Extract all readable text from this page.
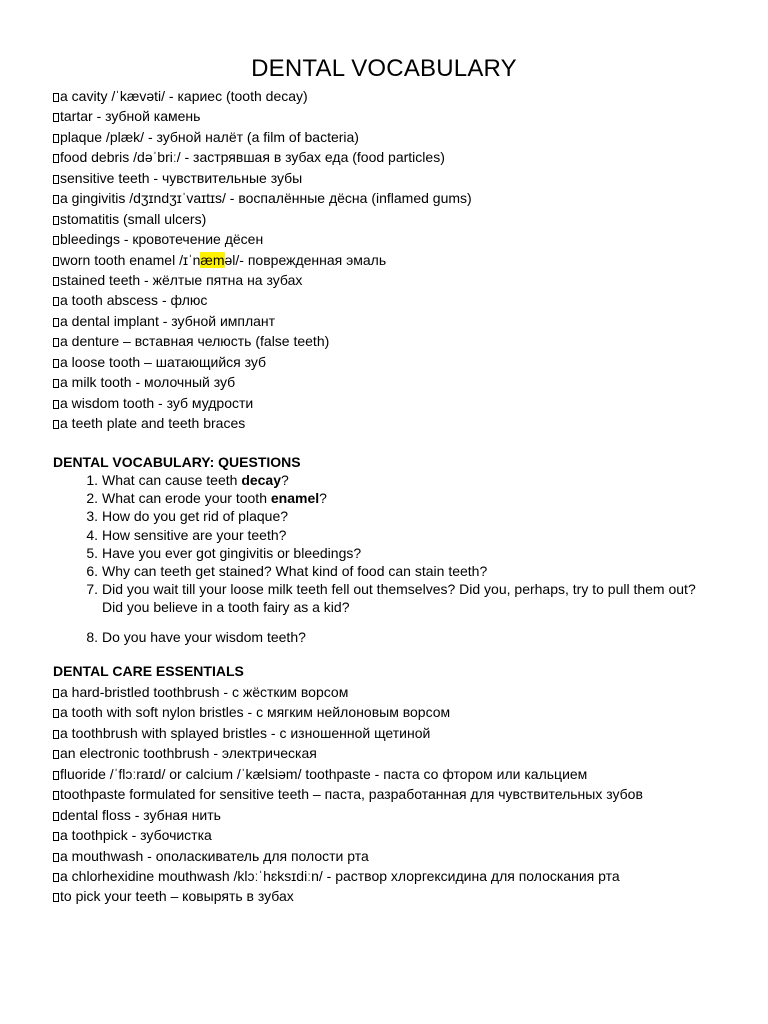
DENTAL VOCABULARY
a cavity /ˈkævəti/ - кариес (tooth decay)
tartar - зубной камень
plaque /plæk/ - зубной налёт (a film of bacteria)
food debris /dəˈbriː/ - застрявшая в зубах еда (food particles)
sensitive teeth - чувствительные зубы
a gingivitis /dʒɪndʒɪˈvaɪtɪs/ - воспалённые дёсна (inflamed gums)
stomatitis (small ulcers)
bleedings - кровотечение дёсен
worn tooth enamel /ɪˈnæməl/- поврежденная эмаль
stained teeth - жёлтые пятна на зубах
a tooth abscess - флюс
a dental implant - зубной имплант
a denture – вставная челюсть (false teeth)
a loose tooth – шатающийся зуб
a milk tooth - молочный зуб
a wisdom tooth - зуб мудрости
a teeth plate and teeth braces
DENTAL VOCABULARY: QUESTIONS
1. What can cause teeth decay?
2. What can erode your tooth enamel?
3. How do you get rid of plaque?
4. How sensitive are your teeth?
5. Have you ever got gingivitis or bleedings?
6. Why can teeth get stained? What kind of food can stain teeth?
7. Did you wait till your loose milk teeth fell out themselves? Did you, perhaps, try to pull them out? Did you believe in a tooth fairy as a kid?
8. Do you have your wisdom teeth?
DENTAL CARE ESSENTIALS
a hard-bristled toothbrush - с жёстким ворсом
a tooth with soft nylon bristles - с мягким нейлоновым ворсом
a toothbrush with splayed bristles - с изношенной щетиной
an electronic toothbrush - электрическая
fluoride /ˈflɔːraɪd/ or calcium /ˈkælsiəm/ toothpaste - паста со фтором или кальцием
toothpaste formulated for sensitive teeth – паста, разработанная для чувствительных зубов
dental floss - зубная нить
a toothpick - зубочистка
a mouthwash - ополаскиватель для полости рта
a chlorhexidine mouthwash /klɔːˈhɛksɪdiːn/ - раствор хлоргексидина для полоскания рта
to pick your teeth – ковырять в зубах
